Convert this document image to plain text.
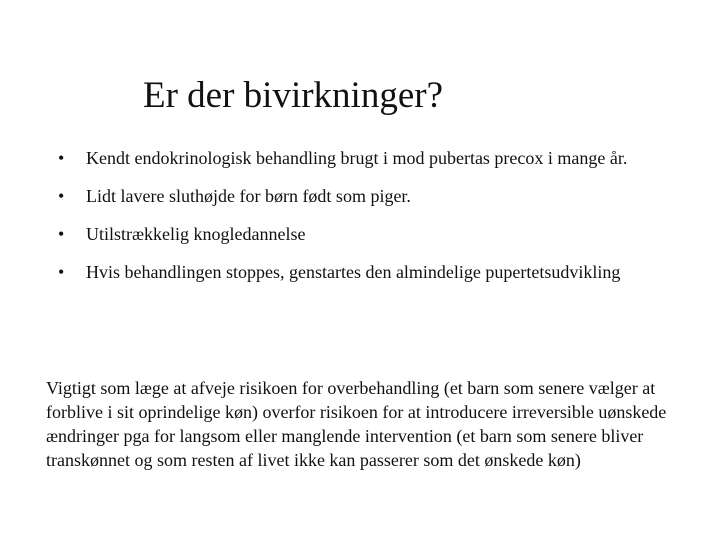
Er der bivirkninger?
•	Kendt endokrinologisk behandling brugt i mod pubertas precox i mange år.
•	Lidt lavere sluthøjde for børn født som piger.
•	Utilstrækkelig knogledannelse
•	Hvis behandlingen stoppes, genstartes den almindelige pupertetsudvikling

Vigtigt som læge at afveje risikoen for overbehandling (et barn som senere vælger at forblive i sit oprindelige køn) overfor risikoen for at introducere irreversible uønskede ændringer pga for langsom eller manglende intervention (et barn som senere bliver transkønnet og som resten af livet ikke kan passerer som det ønskede køn)
